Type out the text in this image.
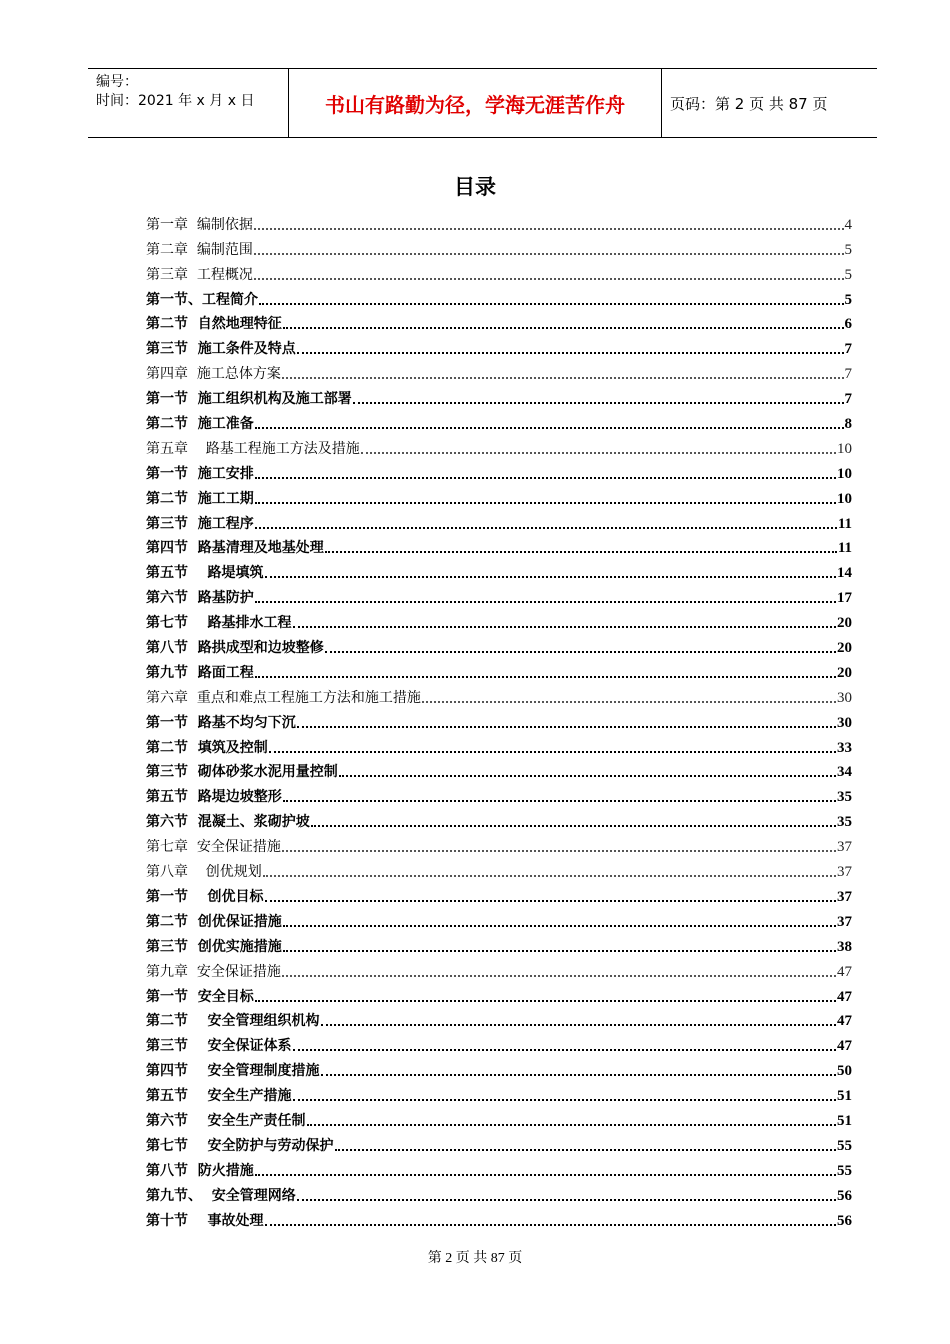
编号：
时间：2021 年 x 月 x 日	书山有路勤为径，学海无涯苦作舟	页码：第 2 页 共 87 页
目录
第一章  编制依据	4
第二章  编制范围	5
第三章  工程概况	5
第一节、工程简介	5
第二节  自然地理特征	6
第三节  施工条件及特点	7
第四章  施工总体方案	7
第一节  施工组织机构及施工部署	7
第二节  施工准备	8
第五章    路基工程施工方法及措施	10
第一节  施工安排	10
第二节  施工工期	10
第三节  施工程序	11
第四节  路基清理及地基处理	11
第五节    路堤填筑	14
第六节  路基防护	17
第七节    路基排水工程	20
第八节  路拱成型和边坡整修	20
第九节  路面工程	20
第六章  重点和难点工程施工方法和施工措施	30
第一节  路基不均匀下沉	30
第二节  填筑及控制	33
第三节  砌体砂浆水泥用量控制	34
第五节  路堤边坡整形	35
第六节  混凝土、浆砌护坡	35
第七章  安全保证措施	37
第八章    创优规划	37
第一节    创优目标	37
第二节  创优保证措施	37
第三节  创优实施措施	38
第九章  安全保证措施	47
第一节  安全目标	47
第二节    安全管理组织机构	47
第三节    安全保证体系	47
第四节    安全管理制度措施	50
第五节    安全生产措施	51
第六节    安全生产责任制	51
第七节    安全防护与劳动保护	55
第八节  防火措施	55
第九节、  安全管理网络	56
第十节    事故处理	56
第 2 页 共 87 页
